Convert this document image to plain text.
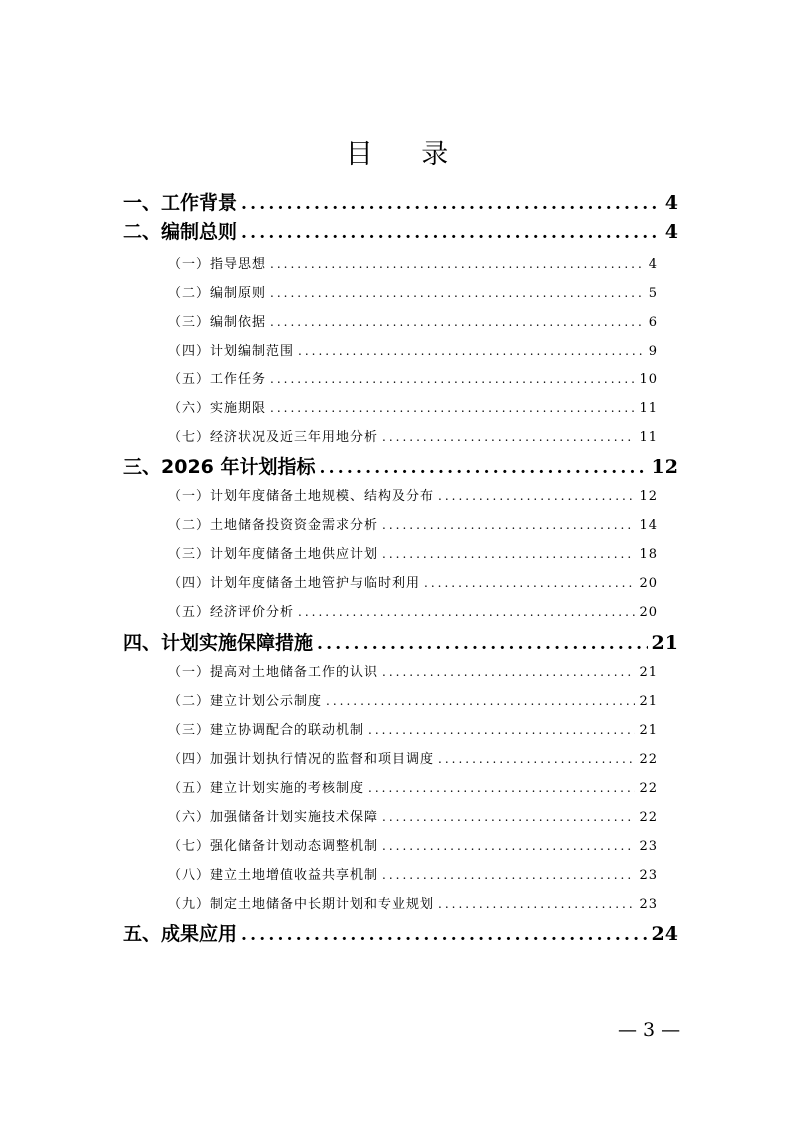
目 录
一、工作背景 .....	4
二、编制总则 .....	4
（一）指导思想 .....	4
（二）编制原则 .....	5
（三）编制依据 .....	6
（四）计划编制范围 .....	9
（五）工作任务 .....	10
（六）实施期限 .....	11
（七）经济状况及近三年用地分析 .....	11
三、2026 年计划指标 .....	12
（一）计划年度储备土地规模、结构及分布 .....	12
（二）土地储备投资资金需求分析 .....	14
（三）计划年度储备土地供应计划 .....	18
（四）计划年度储备土地管护与临时利用 .....	20
（五）经济评价分析 .....	20
四、计划实施保障措施 .....	21
（一）提高对土地储备工作的认识 .....	21
（二）建立计划公示制度 .....	21
（三）建立协调配合的联动机制 .....	21
（四）加强计划执行情况的监督和项目调度 .....	22
（五）建立计划实施的考核制度 .....	22
（六）加强储备计划实施技术保障 .....	22
（七）强化储备计划动态调整机制 .....	23
（八）建立土地增值收益共享机制 .....	23
（九）制定土地储备中长期计划和专业规划 .....	23
五、成果应用 .....	24
— 3 —
